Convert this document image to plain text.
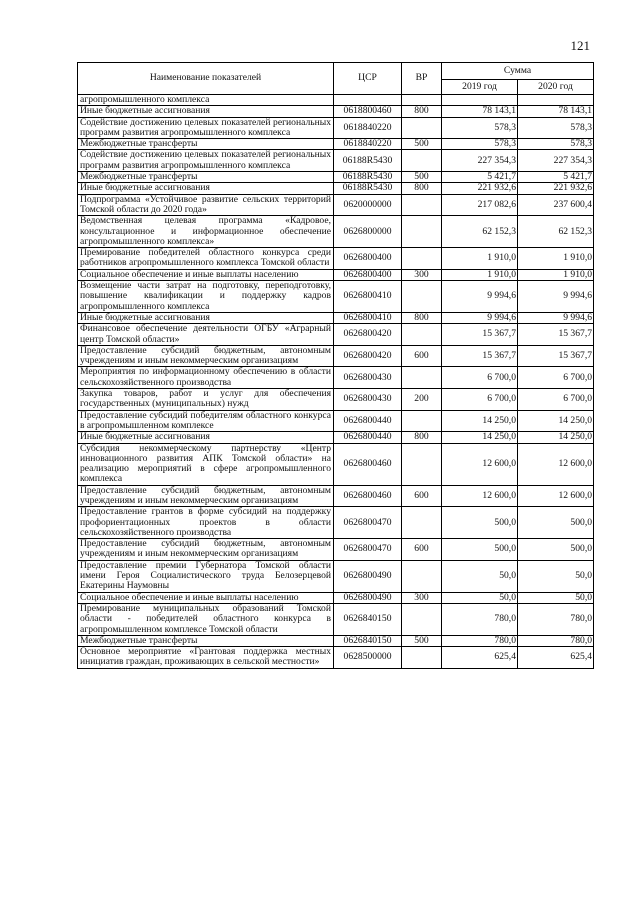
121
Наименование показателей	ЦСР	ВР	Сумма	
			2019 год	2020 год
агропромышленного комплекса				
Иные бюджетные ассигнования	0618800460	800	78 143,1	78 143,1
Содействие достижению целевых показателей региональных программ развития агропромышленного комплекса	0618840220		578,3	578,3
Межбюджетные трансферты	0618840220	500	578,3	578,3
Содействие достижению целевых показателей региональных программ развития агропромышленного комплекса	06188R5430		227 354,3	227 354,3
Межбюджетные трансферты	06188R5430	500	5 421,7	5 421,7
Иные бюджетные ассигнования	06188R5430	800	221 932,6	221 932,6
Подпрограмма «Устойчивое развитие сельских территорий Томской области до 2020 года»	0620000000		217 082,6	237 600,4
Ведомственная целевая программа «Кадровое, консультационное и информационное обеспечение агропромышленного комплекса»	0626800000		62 152,3	62 152,3
Премирование победителей областного конкурса среди работников агропромышленного комплекса Томской области	0626800400		1 910,0	1 910,0
Социальное обеспечение и иные выплаты населению	0626800400	300	1 910,0	1 910,0
Возмещение части затрат на подготовку, переподготовку, повышение квалификации и поддержку кадров агропромышленного комплекса	0626800410		9 994,6	9 994,6
Иные бюджетные ассигнования	0626800410	800	9 994,6	9 994,6
Финансовое обеспечение деятельности ОГБУ «Аграрный центр Томской области»	0626800420		15 367,7	15 367,7
Предоставление субсидий бюджетным, автономным учреждениям и иным некоммерческим организациям	0626800420	600	15 367,7	15 367,7
Мероприятия по информационному обеспечению в области сельскохозяйственного производства	0626800430		6 700,0	6 700,0
Закупка товаров, работ и услуг для обеспечения государственных (муниципальных) нужд	0626800430	200	6 700,0	6 700,0
Предоставление субсидий победителям областного конкурса в агропромышленном комплексе	0626800440		14 250,0	14 250,0
Иные бюджетные ассигнования	0626800440	800	14 250,0	14 250,0
Субсидия некоммерческому партнерству «Центр инновационного развития АПК Томской области» на реализацию мероприятий в сфере агропромышленного комплекса	0626800460		12 600,0	12 600,0
Предоставление субсидий бюджетным, автономным учреждениям и иным некоммерческим организациям	0626800460	600	12 600,0	12 600,0
Предоставление грантов в форме субсидий на поддержку профориентационных проектов в области сельскохозяйственного производства	0626800470		500,0	500,0
Предоставление субсидий бюджетным, автономным учреждениям и иным некоммерческим организациям	0626800470	600	500,0	500,0
Предоставление премии Губернатора Томской области имени Героя Социалистического труда Белозерцевой Екатерины Наумовны	0626800490		50,0	50,0
Социальное обеспечение и иные выплаты населению	0626800490	300	50,0	50,0
Премирование муниципальных образований Томской области - победителей областного конкурса в агропромышленном комплексе Томской области	0626840150		780,0	780,0
Межбюджетные трансферты	0626840150	500	780,0	780,0
Основное мероприятие «Грантовая поддержка местных инициатив граждан, проживающих в сельской местности»	0628500000		625,4	625,4
